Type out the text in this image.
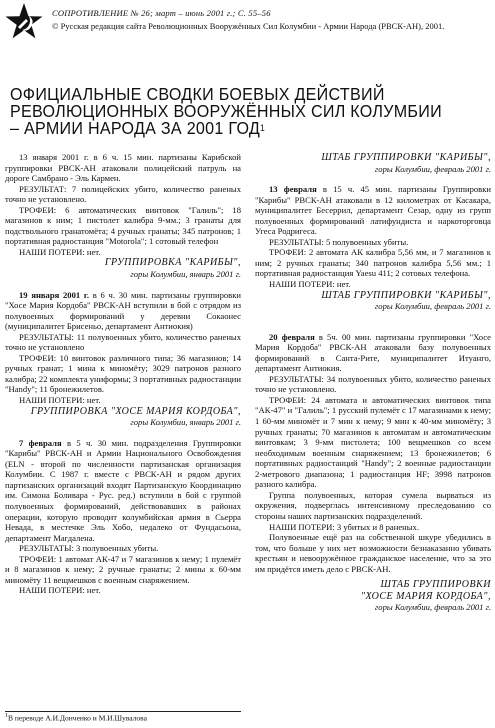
СОПРОТИВЛЕНИЕ № 26; март – июнь 2001 г.; С. 55–56
© Русская редакция сайта Революционных Вооружённых Сил Колумбии - Армии Народа (РВСК-АН), 2001.
ОФИЦИАЛЬНЫЕ СВОДКИ БОЕВЫХ ДЕЙСТВИЙ РЕВОЛЮЦИОННЫХ ВООРУЖЁННЫХ СИЛ КОЛУМБИИ – АРМИИ НАРОДА ЗА 2001 ГОД$^1$

13 января 2001 г. в 6 ч. 15 мин. партизаны Карибской группировки РВСК-АН атаковали полицейский патруль на дороге Самбрано - Эль Кармен.

РЕЗУЛЬТАТ: 7 полицейских убито, количество раненых точно не установлено.

ТРОФЕИ: 6 автоматических винтовок "Галиль"; 18 магазинов к ним; 1 пистолет калибра 9-мм.; 3 гранаты для подствольного гранатомёта; 4 ручных гранаты; 345 патронов; 1 портативная радиостанция "Motorola"; 1 сотовый телефон

НАШИ ПОТЕРИ: нет.

ГРУППИРОВКА "КАРИБЫ",

горы Колумбии, январь 2001 г.

19 января 2001 г. в 6 ч. 30 мин. партизаны группировки "Хосе Мария Кордоба" РВСК-АН вступили в бой с отрядом из полувоенных формирований у деревни Сокаонес (муниципалитет Брисеньо, департамент Антиокия)

РЕЗУЛЬТАТЫ: 11 полувоенных убито, количество раненых точно не установлено

ТРОФЕИ: 10 винтовок различного типа; 36 магазинов; 14 ручных гранат; 1 мина к миномёту; 3029 патронов разного калибра; 22 комплекта униформы; 3 портативных радиостанции "Handy"; 11 бронежилетов.

НАШИ ПОТЕРИ: нет.

ГРУППИРОВКА "ХОСЕ МАРИЯ КОРДОБА",

горы Колумбии, январь 2001 г.

7 февраля в 5 ч. 30 мин. подразделения Группировки "Карибы" РВСК-АН и Армии Национального Освобождения (ELN - второй по численности партизанская организация Колумбии. С 1987 г. вместе с РВСК-АН и рядом других партизанских организаций входят Партизанскую Координацию им. Симона Боливара - Рус. ред.) вступили в бой с группой полувоенных формирований, действовавших в районах операции, которую проводит колумбийская армия в Сьерра Невада, в местечке Эль Хобо, недалеко от Фундасьона, департамент Магдалена.

РЕЗУЛЬТАТЫ: 3 полувоенных убиты.

ТРОФЕИ: 1 автомат АК-47 и 7 магазинов к нему; 1 пулемёт и 8 магазинов к нему; 2 ручные гранаты; 2 мины к 60-мм миномёту 11 вещмешков с военным снаряжением.

НАШИ ПОТЕРИ: нет.

ШТАБ ГРУППИРОВКИ "КАРИБЫ",

горы Колумбии, февраль 2001 г.

13 февраля в 15 ч. 45 мин. партизаны Группировки "Карибы" РВСК-АН атаковали в 12 километрах от Касакара, муниципалитет Бесеррил, департамент Сезар, одну из групп полувоенных формирований латифундиста и наркоторговца Угеса Родригеса.

РЕЗУЛЬТАТЫ: 5 полувоенных убиты.

ТРОФЕИ: 2 автомата АК калибра 5,56 мм, и 7 магазинов к ним; 2 ручных гранаты; 340 патронов калибра 5,56 мм.; 1 портативная радиостанция Yaesu 411; 2 сотовых телефона.

НАШИ ПОТЕРИ: нет.

ШТАБ ГРУППИРОВКИ "КАРИБЫ",

горы Колумбии, февраль 2001 г.

20 февраля в 5ч. 00 мин. партизаны группировки "Хосе Мария Кордоба" РВСК-АН атаковали базу полувоенных формирований в Санта-Рите, муниципалитет Итуанго, департамент Антиокия.

РЕЗУЛЬТАТЫ: 34 полувоенных убито, количество раненых точно не установлено.

ТРОФЕИ: 24 автомата и автоматических винтовок типа "АК-47" и "Галиль"; 1 русский пулемёт с 17 магазинами к нему; 1 60-мм миномёт и 7 мин к нему; 9 мин к 40-мм миномёту; 3 ручных гранаты; 70 магазинов к автоматам и автоматическим винтовкам; 3 9-мм пистолета; 100 вещмешков со всем необходимым военным снаряжением; 13 бронежилетов; 6 портативных радиостанций "Handy"; 2 военные радиостанции 2-метрового диапазона; 1 радиостанция HF; 3998 патронов разного калибра.

Группа полувоенных, которая сумела вырваться из окружения, подверглась интенсивному преследованию со стороны наших партизанских подразделений.

НАШИ ПОТЕРИ: 3 убитых и 8 раненых.

Полувоенные ещё раз на собственной шкуре убедились в том, что больше у них нет возможности безнаказанно убивать крестьян и невооружённое гражданское население, что за это им придётся иметь дело с РВСК-АН.

ШТАБ ГРУППИРОВКИ

"ХОСЕ МАРИЯ КОРДОБА",

горы Колумбии, февраль 2001 г.

$^1$В переводе А.И.Донченко и М.И.Шувалова
